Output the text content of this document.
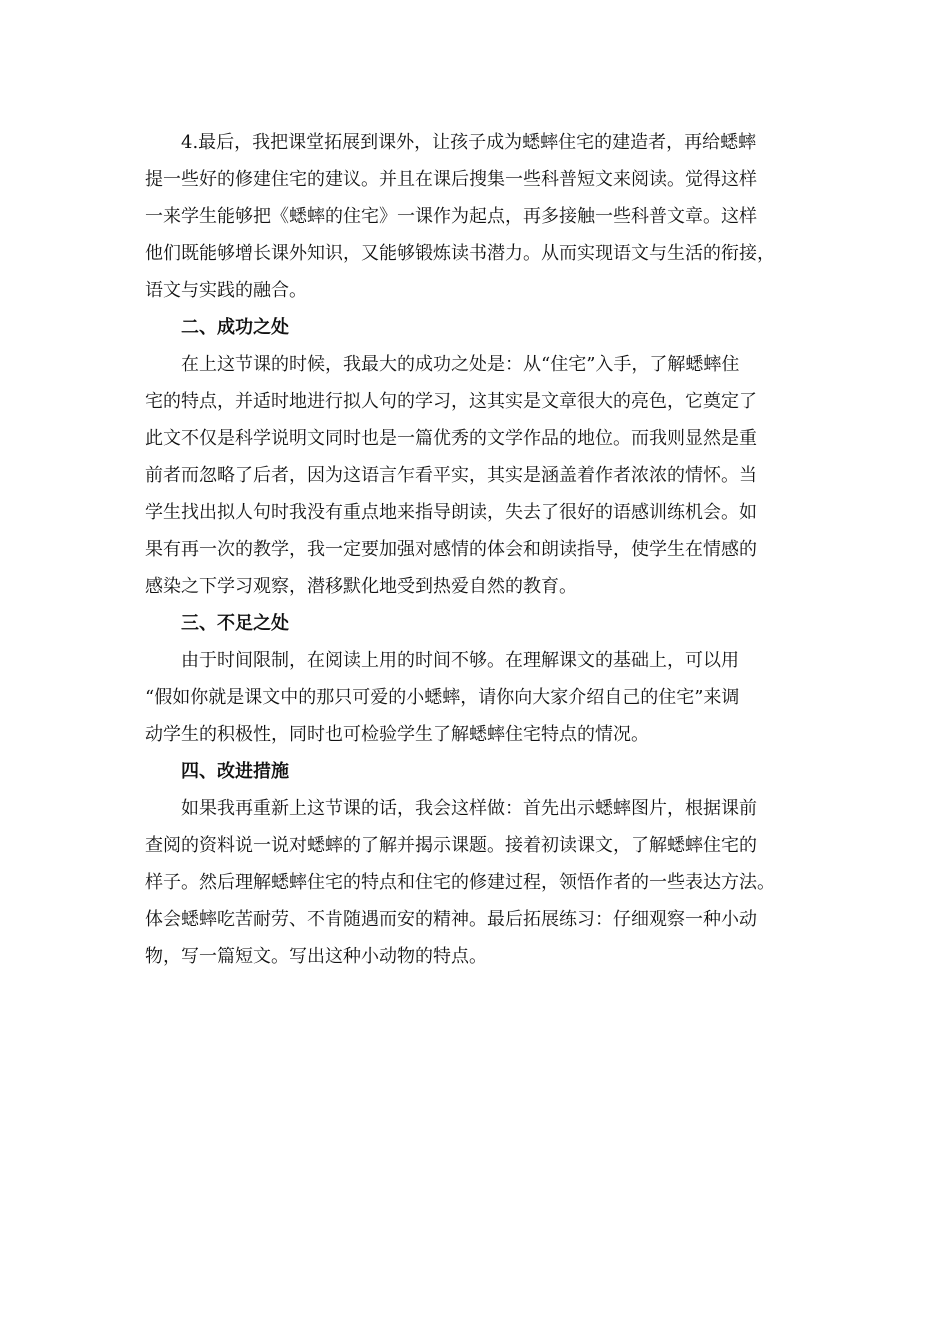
4.最后，我把课堂拓展到课外，让孩子成为蟋蟀住宅的建造者，再给蟋蟀
提一些好的修建住宅的建议。并且在课后搜集一些科普短文来阅读。觉得这样
一来学生能够把《蟋蟀的住宅》一课作为起点，再多接触一些科普文章。这样
他们既能够增长课外知识，又能够锻炼读书潜力。从而实现语文与生活的衔接，
语文与实践的融合。
二、成功之处
在上这节课的时候，我最大的成功之处是：从“住宅”入手，了解蟋蟀住
宅的特点，并适时地进行拟人句的学习，这其实是文章很大的亮色，它奠定了
此文不仅是科学说明文同时也是一篇优秀的文学作品的地位。而我则显然是重
前者而忽略了后者，因为这语言乍看平实，其实是涵盖着作者浓浓的情怀。当
学生找出拟人句时我没有重点地来指导朗读，失去了很好的语感训练机会。如
果有再一次的教学，我一定要加强对感情的体会和朗读指导，使学生在情感的
感染之下学习观察，潜移默化地受到热爱自然的教育。
三、不足之处
由于时间限制，在阅读上用的时间不够。在理解课文的基础上，可以用
“假如你就是课文中的那只可爱的小蟋蟀，请你向大家介绍自己的住宅”来调
动学生的积极性，同时也可检验学生了解蟋蟀住宅特点的情况。
四、改进措施
如果我再重新上这节课的话，我会这样做：首先出示蟋蟀图片，根据课前
查阅的资料说一说对蟋蟀的了解并揭示课题。接着初读课文，了解蟋蟀住宅的
样子。然后理解蟋蟀住宅的特点和住宅的修建过程，领悟作者的一些表达方法。
体会蟋蟀吃苦耐劳、不肯随遇而安的精神。最后拓展练习：仔细观察一种小动
物，写一篇短文。写出这种小动物的特点。
